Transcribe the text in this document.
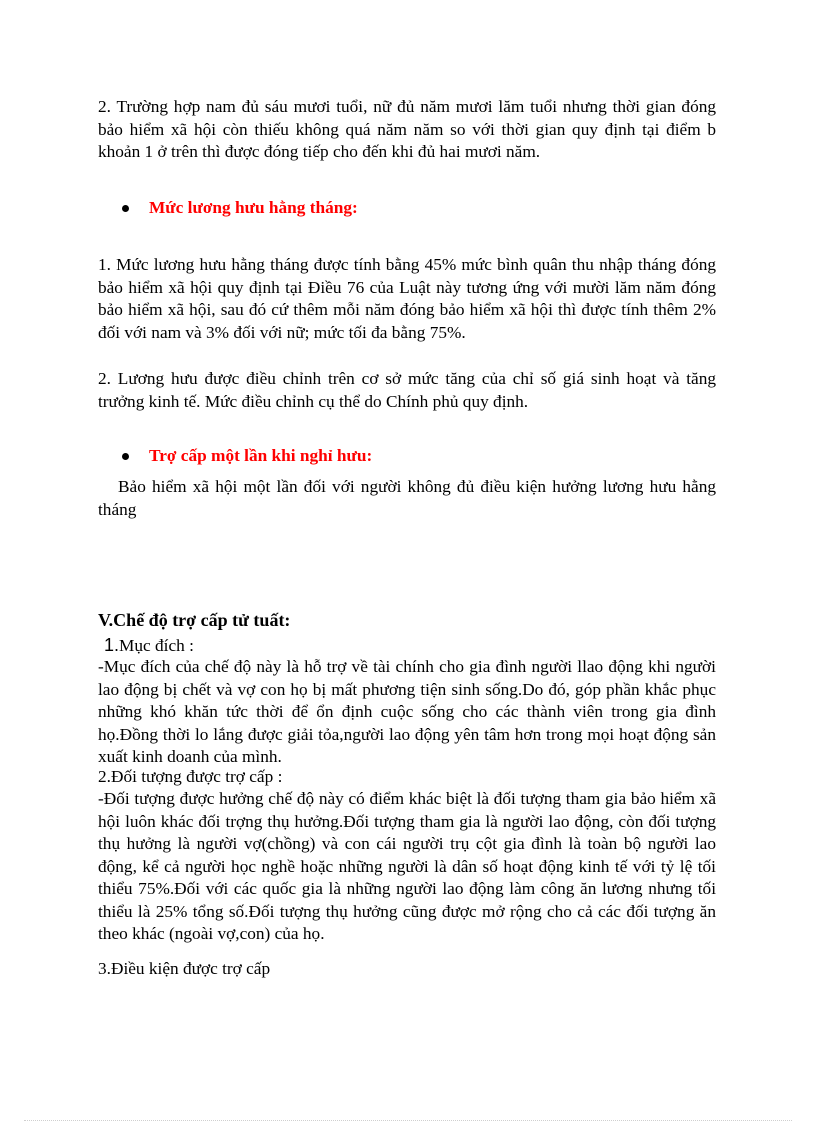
2. Trường hợp nam đủ sáu mươi tuổi, nữ đủ năm mươi lăm tuổi nhưng thời gian đóng bảo hiểm xã hội còn thiếu không quá năm năm so với thời gian quy định tại điểm b khoản 1 ở trên thì được đóng tiếp cho đến khi đủ hai mươi năm.
Mức lương hưu hằng tháng:
1. Mức lương hưu hằng tháng được tính bằng 45% mức bình quân thu nhập tháng đóng bảo hiểm xã hội quy định tại Điều 76 của Luật này tương ứng với mười lăm năm đóng bảo hiểm xã hội, sau đó cứ thêm mỗi năm đóng bảo hiểm xã hội thì được tính thêm 2% đối với nam và 3% đối với nữ; mức tối đa bằng 75%.
2. Lương hưu được điều chỉnh trên cơ sở mức tăng của chỉ số giá sinh hoạt và tăng trưởng kinh tế. Mức điều chỉnh cụ thể do Chính phủ quy định.
Trợ cấp một lần khi nghỉ hưu:
Bảo hiểm xã hội một lần đối với người không đủ điều kiện hưởng lương hưu hằng tháng
V.Chế độ trợ cấp tử tuất:
1.Mục đích :
-Mục đích của chế độ này là hỗ trợ về tài chính cho gia đình người llao động khi người lao động bị chết và vợ con họ bị mất phương tiện sinh sống.Do đó, góp phần khắc phục những khó khăn tức thời để ổn định cuộc sống cho các thành viên trong gia đình họ.Đồng thời lo lắng được giải tỏa,người lao động yên tâm hơn trong mọi hoạt động sản xuất kinh doanh của mình.
2.Đối tượng được trợ cấp :
-Đối tượng được hưởng chế độ này có điểm khác biệt là đối tượng tham gia bảo hiểm xã hội luôn khác đối trợng thụ hưởng.Đối tượng tham gia là người lao động, còn đối tượng thụ hưởng là người vợ(chồng) và con cái người trụ cột gia đình là toàn bộ người lao động, kể cả người học nghề hoặc những người là dân số hoạt động kinh tế với tỷ lệ tối thiểu 75%.Đối với các quốc gia là những người lao động làm công ăn lương nhưng tối thiểu là 25% tổng số.Đối tượng thụ hưởng cũng được mở rộng cho cả các đối tượng ăn theo khác (ngoài vợ,con) của họ.
3.Điều kiện được trợ cấp
